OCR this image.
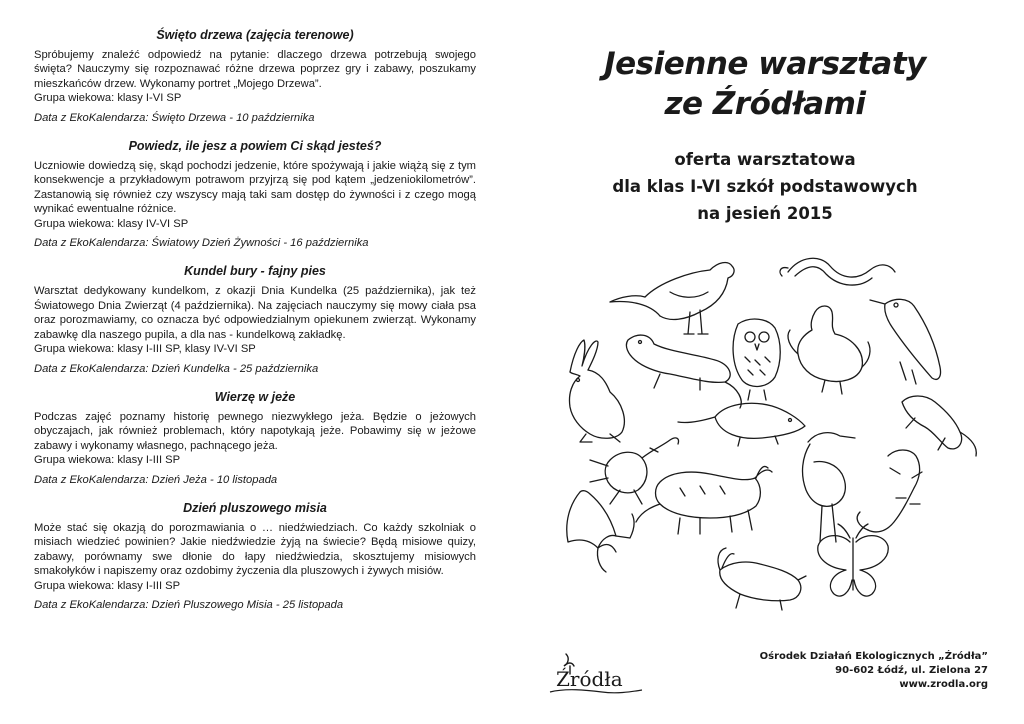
Święto drzewa (zajęcia terenowe)

Spróbujemy znaleźć odpowiedź na pytanie: dlaczego drzewa potrzebują swojego święta? Nauczymy się rozpoznawać różne drzewa poprzez gry i zabawy, poszukamy mieszkańców drzew. Wykonamy portret „Mojego Drzewa”.

Grupa wiekowa: klasy I-VI SP

Data z EkoKalendarza: Święto Drzewa - 10 października

Powiedz, ile jesz a powiem Ci skąd jesteś?

Uczniowie dowiedzą się, skąd pochodzi jedzenie, które spożywają i jakie wiążą się z tym konsekwencje a przykładowym potrawom przyjrzą się pod kątem „jedzeniokilometrów”. Zastanowią się również czy wszyscy mają taki sam dostęp do żywności i z czego mogą wynikać ewentualne różnice.

Grupa wiekowa: klasy IV-VI SP

Data z EkoKalendarza: Światowy Dzień Żywności - 16 października

Kundel bury - fajny pies

Warsztat dedykowany kundelkom, z okazji Dnia Kundelka (25 października), jak też Światowego Dnia Zwierząt (4 października). Na zajęciach nauczymy się mowy ciała psa oraz porozmawiamy, co oznacza być odpowiedzialnym opiekunem zwierząt. Wykonamy zabawkę dla naszego pupila, a dla nas - kundelkową zakładkę.

Grupa wiekowa: klasy I-III SP, klasy IV-VI SP

Data z EkoKalendarza: Dzień Kundelka - 25 października

Wierzę w jeże

Podczas zajęć poznamy historię pewnego niezwykłego jeża. Będzie o jeżowych obyczajach, jak również problemach, który napotykają jeże. Pobawimy się w jeżowe zabawy i wykonamy własnego, pachnącego jeża.

Grupa wiekowa: klasy I-III SP

Data z EkoKalendarza: Dzień Jeża - 10 listopada

Dzień pluszowego misia

Może stać się okazją do porozmawiania o … niedźwiedziach. Co każdy szkolniak o misiach wiedzieć powinien? Jakie niedźwiedzie żyją na świecie? Będą misiowe quizy, zabawy, porównamy swe dłonie do łapy niedźwiedzia, skosztujemy misiowych smakołyków i napiszemy oraz ozdobimy życzenia dla pluszowych i żywych misiów.

Grupa wiekowa: klasy I-III SP

Data z EkoKalendarza: Dzień Pluszowego Misia - 25 listopada

Jesienne warsztaty
ze Źródłami
oferta warsztatowa
dla klas I-VI szkół podstawowych
na jesień 2015
Źródła
Ośrodek Działań Ekologicznych „Źródła”
90-602 Łódź, ul. Zielona 27
www.zrodla.org
